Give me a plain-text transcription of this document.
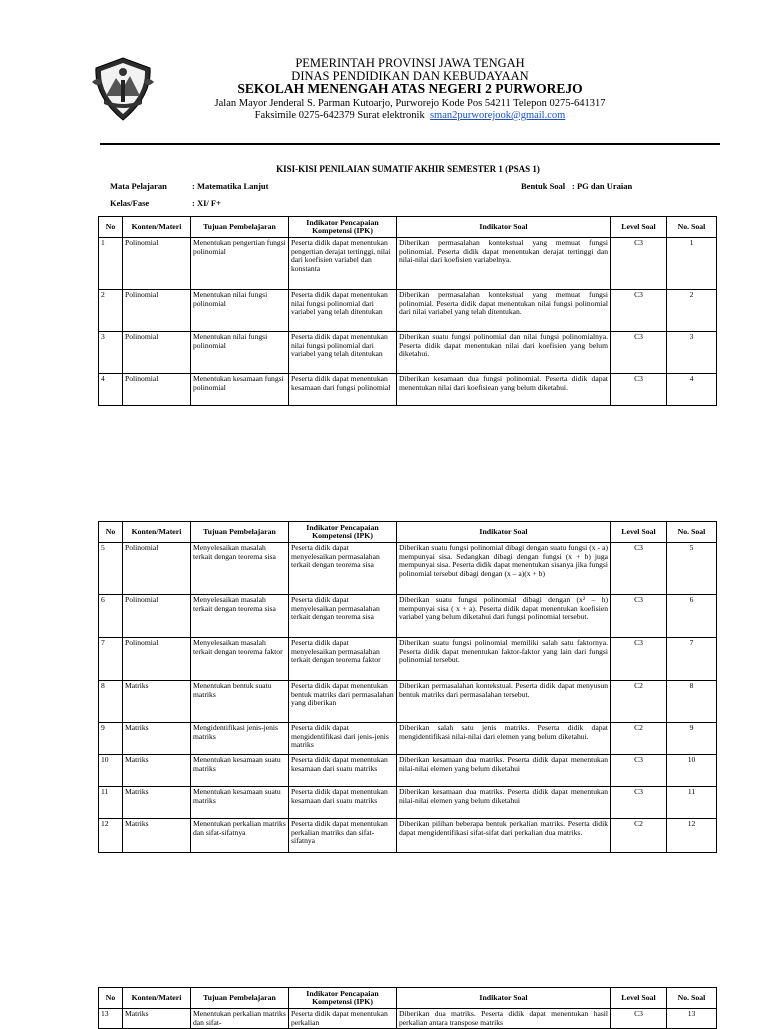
PEMERINTAH PROVINSI JAWA TENGAH
DINAS PENDIDIKAN DAN KEBUDAYAAN
SEKOLAH MENENGAH ATAS NEGERI 2 PURWOREJO
Jalan Mayor Jenderal S. Parman Kutoarjo, Purworejo Kode Pos 54211 Telepon 0275-641317
Faksimile 0275-642379 Surat elektronik sman2purworejook@gmail.com
KISI-KISI PENILAIAN SUMATIF AKHIR SEMESTER 1 (PSAS 1)
Mata Pelajaran	: Matematika Lanjut
Kelas/Fase	: XI/ F+
Bentuk Soal : PG dan Uraian
No	Konten/Materi	Tujuan Pembelajaran	Indikator Pencapaian Kompetensi (IPK)	Indikator Soal	Level Soal	No. Soal
1	Polinomial	Menentukan pengertian fungsi polinomial	Peserta didik dapat menentukan pengertian derajat tertinggi, nilai dari koefisien variabel dan konstanta	Diberikan permasalahan kontekstual yang memuat fungsi polinomial. Peserta didik dapat menentukan derajat tertinggi dan nilai-nilai dari koefisien variabelnya.	C3	1
2	Polinomial	Menentukan nilai fungsi polinomial	Peserta didik dapat menentukan nilai fungsi polinomial dari variabel yang telah ditentukan	Diberikan permasalahan kontekstual yang memuat fungsi polinomial. Peserta didik dapat menentukan nilai fungsi polinomial dari nilai variabel yang telah ditentukan.	C3	2
3	Polinomial	Menentukan nilai fungsi polinomial	Peserta didik dapat menentukan nilai fungsi polinomial dari variabel yang telah ditentukan	Diberikan suatu fungsi polinomial dan nilai fungsi polinomialnya. Peserta didik dapat menentukan nilai dari koefisien yang belum diketahui.	C3	3
4	Polinomial	Menentukan kesamaan fungsi polinomial	Peserta didik dapat menentukan kesamaan dari fungsi polinomial	Diberikan kesamaan dua fungsi polinomial. Peserta didik dapat menentukan nilai dari koefisiean yang belum diketahui.	C3	4
No	Konten/Materi	Tujuan Pembelajaran	Indikator Pencapaian Kompetensi (IPK)	Indikator Soal	Level Soal	No. Soal
5	Polinomial	Menyelesaikan masalah terkait dengan teorema sisa	Peserta didik dapat menyelesaikan permasalahan terkait dengan teorema sisa	Diberikan suatu fungsi polinomial dibagi dengan suatu fungsi (x - a) mempunyai sisa. Sedangkan dibagi dengan fungsi (x + b) juga mempunyai sisa. Peserta didik dapat menentukan sisanya jika fungsi polinomial tersebut dibagi dengan (x – a)(x + b)	C3	5
6	Polinomial	Menyelesaikan masalah terkait dengan teorema sisa	Peserta didik dapat menyelesaikan permasalahan terkait dengan teorema sisa	Diberikan suatu fungsi polinomial dibagi dengan (x² – h) mempunyai sisa ( x + a). Peserta didik dapat menentukan koefisien variabel yang belum diketahui dari fungsi polinomial tersebut.	C3	6
7	Polinomial	Menyelesaikan masalah terkait dengan teorema faktor	Peserta didik dapat menyelesaikan permasalahan terkait dengan teorema faktor	Diberikan suatu fungsi polinomial memiliki salah satu faktornya. Peserta didik dapat menentukan faktor-faktor yang lain dari fungsi polinomial tersebut.	C3	7
8	Matriks	Menentukan bentuk suatu matriks	Peserta didik dapat menentukan bentuk matriks dari permasalahan yang diberikan	Diberikan permasalahan kontekstual. Peserta didik dapat menyusun bentuk matriks dari permasalahan tersebut.	C2	8
9	Matriks	Mengidentifikasi jenis-jenis matriks	Peserta didik dapat mengidentifikasi dari jenis-jenis matriks	Diberikan salah satu jenis matriks. Peserta didik dapat mengidentifikasi nilai-nilai dari elemen yang belum diketahui.	C2	9
10	Matriks	Menentukan kesamaan suatu matriks	Peserta didik dapat menentukan kesamaan dari suatu matriks	Diberikan kesamaan dua matriks. Peserta didik dapat menentukan nilai-nilai elemen yang belum diketahui	C3	10
11	Matriks	Menentukan kesamaan suatu matriks	Peserta didik dapat menentukan kesamaan dari suatu matriks	Diberikan kesamaan dua matriks. Peserta didik dapat menentukan nilai-nilai elemen yang belum diketahui	C3	11
12	Matriks	Menentukan perkalian matriks dan sifat-sifatnya	Peserta didik dapat menentukan perkalian matriks dan sifat-sifatnya	Diberikan pilihan beberapa bentuk perkalian matriks. Peserta didik dapat mengidentifikasi sifat-sifat dari perkalian dua matriks.	C2	12
No	Konten/Materi	Tujuan Pembelajaran	Indikator Pencapaian Kompetensi (IPK)	Indikator Soal	Level Soal	No. Soal
13	Matriks	Menentukan perkalian matriks dan sifat-	Peserta didik dapat menentukan perkalian	Diberikan dua matriks. Peserta didik dapat menentukan hasil perkalian antara transpose matriks	C3	13
